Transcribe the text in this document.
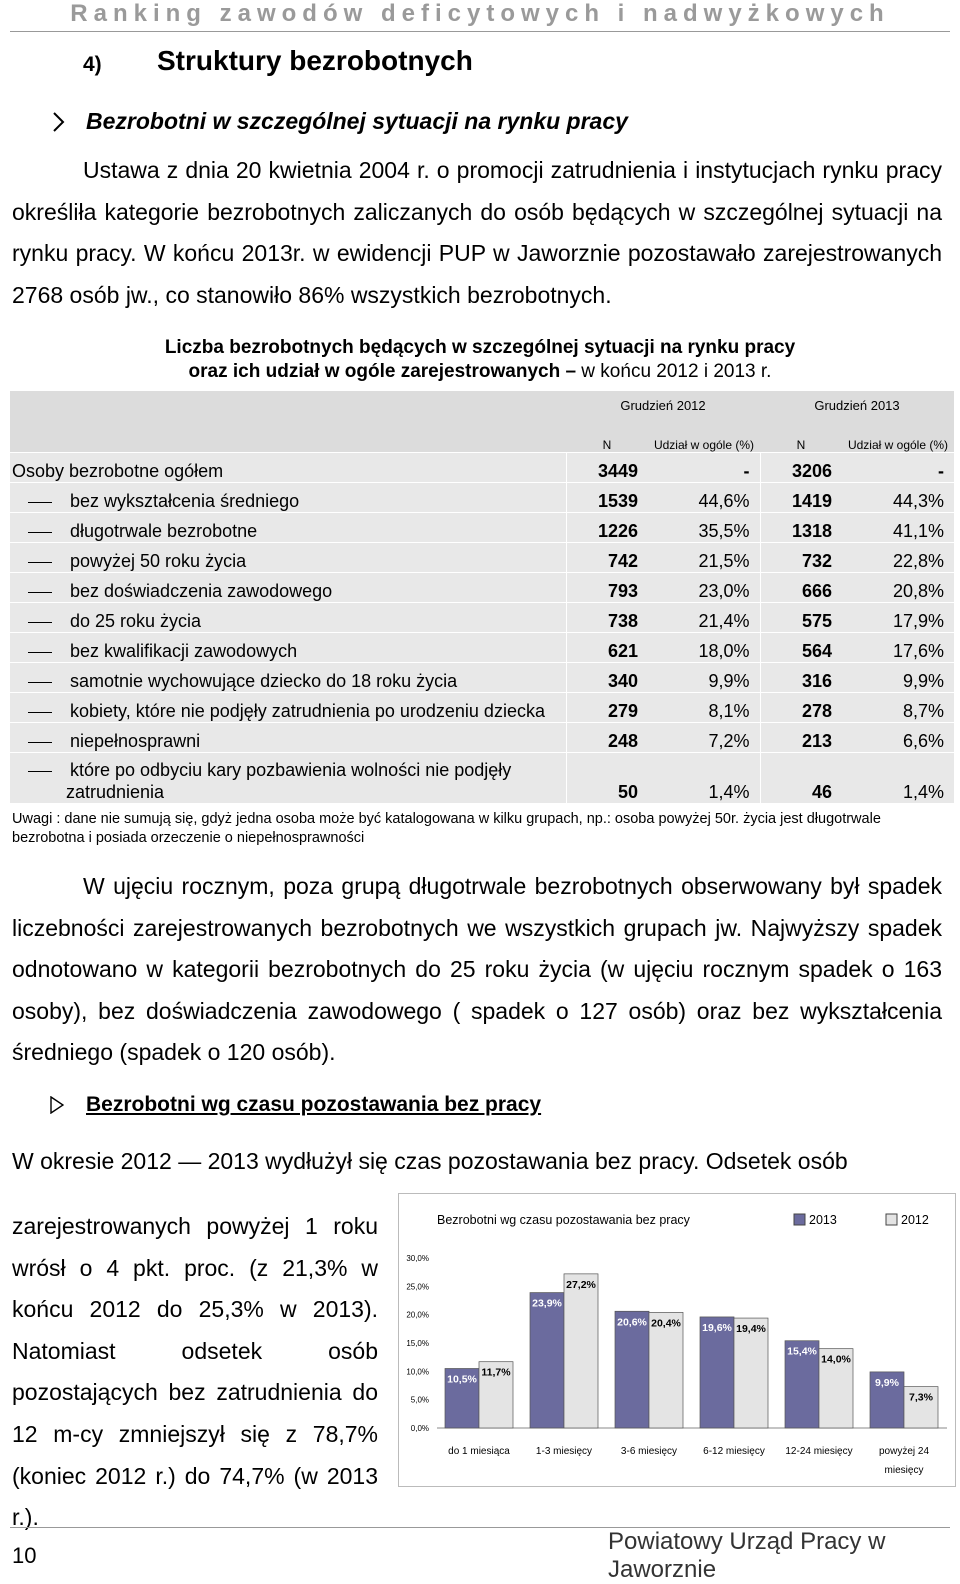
Ranking zawodów deficytowych i nadwyżkowych
4) Struktury bezrobotnych
Bezrobotni w szczególnej sytuacji na rynku pracy

Ustawa z dnia 20 kwietnia 2004 r. o promocji zatrudnienia i instytucjach rynku pracy określiła kategorie bezrobotnych zaliczanych do osób będących w szczególnej sytuacji na rynku pracy. W końcu 2013r. w ewidencji PUP w Jaworznie pozostawało zarejestrowanych 2768 osób jw., co stanowiło 86% wszystkich bezrobotnych.

Liczba bezrobotnych będących w szczególnej sytuacji na rynku pracy
oraz ich udział w ogóle zarejestrowanych – w końcu 2012 i 2013 r.
	Grudzień 2012		Grudzień 2013	
	N	Udział w ogóle (%)	N	Udział w ogóle (%)
Osoby bezrobotne ogółem	3449	-	3206	-
bez wykształcenia średniego	1539	44,6%	1419	44,3%
długotrwale bezrobotne	1226	35,5%	1318	41,1%
powyżej 50 roku życia	742	21,5%	732	22,8%
bez doświadczenia zawodowego	793	23,0%	666	20,8%
do 25 roku życia	738	21,4%	575	17,9%
bez kwalifikacji zawodowych	621	18,0%	564	17,6%
samotnie wychowujące dziecko do 18 roku życia	340	9,9%	316	9,9%
kobiety, które nie podjęły zatrudnienia po urodzeniu dziecka	279	8,1%	278	8,7%
niepełnosprawni	248	7,2%	213	6,6%

które po odbyciu kary pozbawienia wolności nie podjęły
zatrudnienia	50	1,4%	46	1,4%
Uwagi : dane nie sumują się, gdyż jedna osoba może być katalogowana w kilku grupach, np.: osoba powyżej 50r. życia jest długotrwale bezrobotna i posiada orzeczenie o niepełnosprawności

W ujęciu rocznym, poza grupą długotrwale bezrobotnych obserwowany był spadek liczebności zarejestrowanych bezrobotnych we wszystkich grupach jw. Najwyższy spadek odnotowano w kategorii bezrobotnych do 25 roku życia (w ujęciu rocznym spadek o 163 osoby), bez doświadczenia zawodowego ( spadek o 127 osób) oraz bez wykształcenia średniego (spadek o 120 osób).

Bezrobotni wg czasu pozostawania bez pracy

W okresie 2012 — 2013 wydłużył się czas pozostawania bez pracy. Odsetek osób

zarejestrowanych powyżej 1 roku wrósł o 4 pkt. proc. (z 21,3% w końcu 2012 do 25,3% w 2013). Natomiast odsetek osób pozostających bez zatrudnienia do 12 m-cy zmniejszył się z 78,7% (koniec 2012 r.) do 74,7% (w 2013 r.).

Bezrobotni wg czasu pozostawania bez pracy	2013	2012
0,0%
5,0%
10,0%
15,0%
20,0%
25,0%
30,0%
10,5%
11,7%
do 1 miesiąca
23,9%
27,2%
1-3 miesięcy
20,6% 20,4%
3-6 miesięcy
19,6% 19,4%
6-12 miesięcy
15,4%
14,0%
12-24 miesięcy
9,9%
7,3%
powyżej 24
miesięcy
10
Powiatowy Urząd Pracy w Jaworznie
